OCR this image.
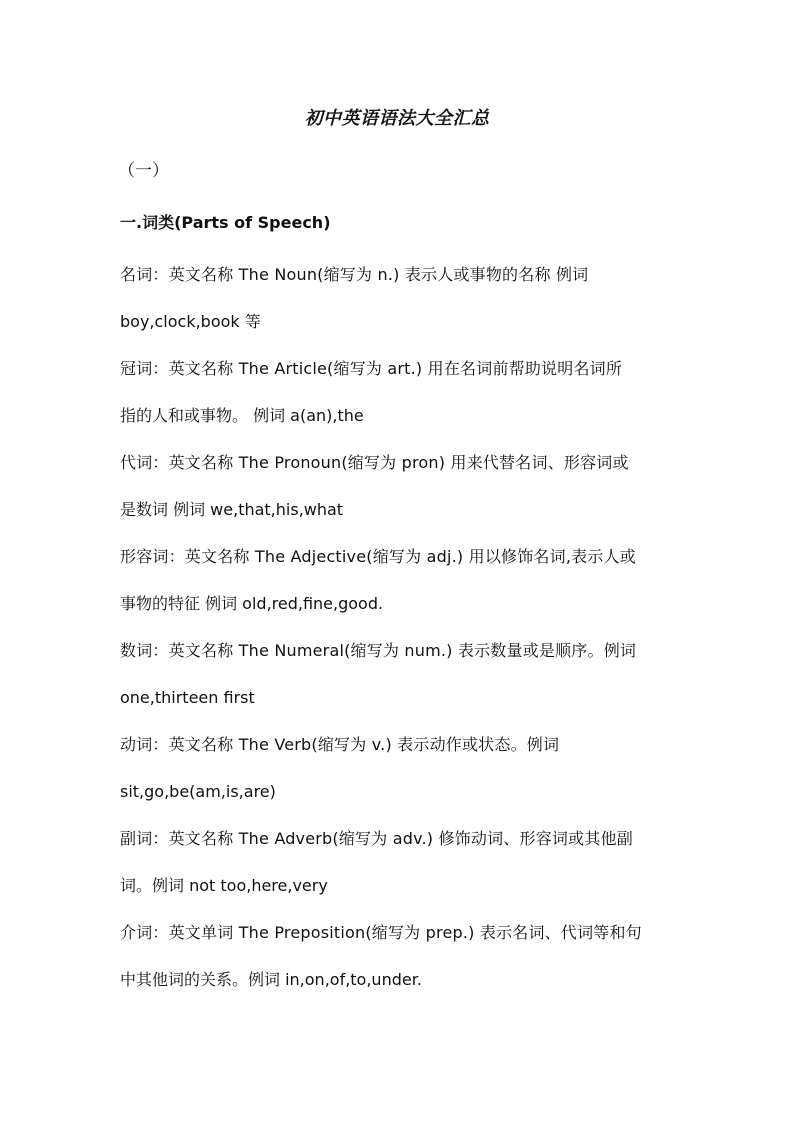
初中英语语法大全汇总
（一）
一.词类(Parts of Speech)
名词：英文名称 The Noun(缩写为 n.) 表示人或事物的名称 例词
boy,clock,book 等
冠词：英文名称 The Article(缩写为 art.) 用在名词前帮助说明名词所
指的人和或事物。 例词 a(an),the
代词：英文名称 The Pronoun(缩写为 pron) 用来代替名词、形容词或
是数词 例词 we,that,his,what
形容词：英文名称 The Adjective(缩写为 adj.) 用以修饰名词,表示人或
事物的特征 例词 old,red,fine,good.
数词：英文名称 The Numeral(缩写为 num.) 表示数量或是顺序。例词
one,thirteen first
动词：英文名称 The Verb(缩写为 v.) 表示动作或状态。例词
sit,go,be(am,is,are)
副词：英文名称 The Adverb(缩写为 adv.) 修饰动词、形容词或其他副
词。例词 not too,here,very
介词：英文单词 The Preposition(缩写为 prep.) 表示名词、代词等和句
中其他词的关系。例词 in,on,of,to,under.
